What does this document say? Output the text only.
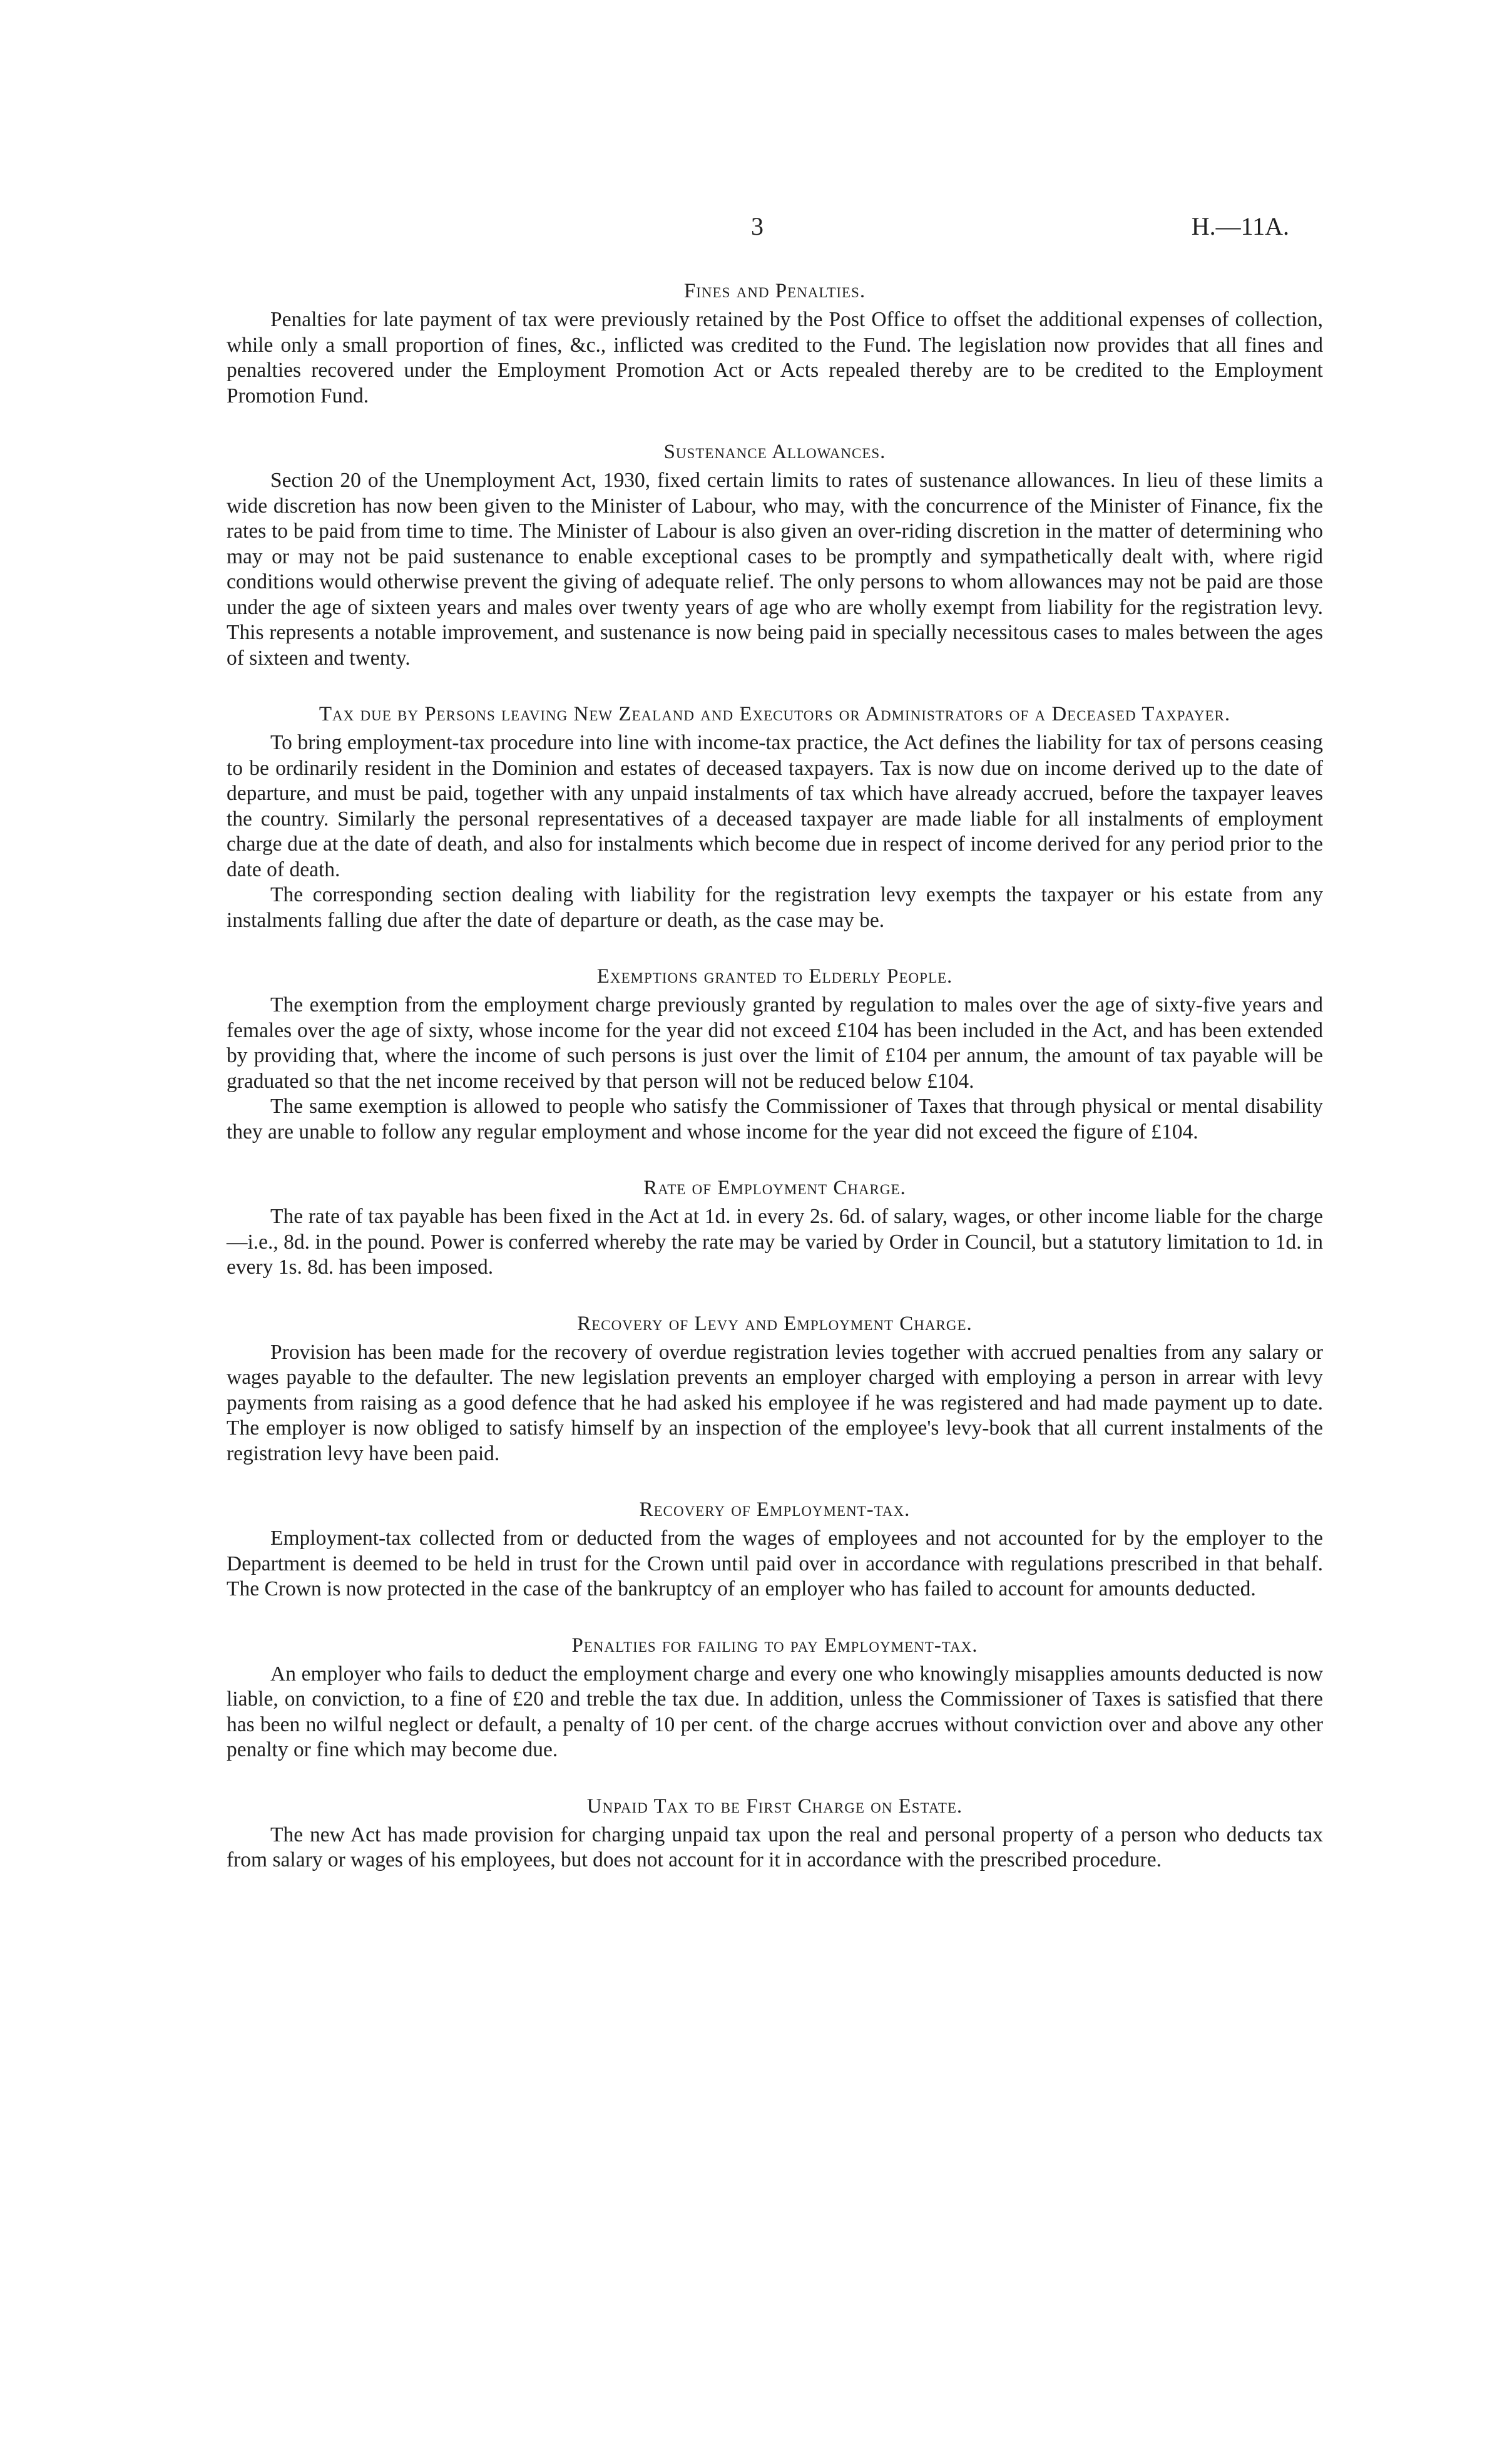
3	H.—11A.
Fines and Penalties.

Penalties for late payment of tax were previously retained by the Post Office to offset the additional expenses of collection, while only a small proportion of fines, &c., inflicted was credited to the Fund. The legislation now provides that all fines and penalties recovered under the Employment Promotion Act or Acts repealed thereby are to be credited to the Employment Promotion Fund.

Sustenance Allowances.

Section 20 of the Unemployment Act, 1930, fixed certain limits to rates of sustenance allowances. In lieu of these limits a wide discretion has now been given to the Minister of Labour, who may, with the concurrence of the Minister of Finance, fix the rates to be paid from time to time. The Minister of Labour is also given an over-riding discretion in the matter of determining who may or may not be paid sustenance to enable exceptional cases to be promptly and sympathetically dealt with, where rigid conditions would otherwise prevent the giving of adequate relief. The only persons to whom allowances may not be paid are those under the age of sixteen years and males over twenty years of age who are wholly exempt from liability for the registration levy. This represents a notable improvement, and sustenance is now being paid in specially necessitous cases to males between the ages of sixteen and twenty.

Tax due by Persons leaving New Zealand and Executors or Administrators of a Deceased Taxpayer.

To bring employment-tax procedure into line with income-tax practice, the Act defines the liability for tax of persons ceasing to be ordinarily resident in the Dominion and estates of deceased taxpayers. Tax is now due on income derived up to the date of departure, and must be paid, together with any unpaid instalments of tax which have already accrued, before the taxpayer leaves the country. Similarly the personal representatives of a deceased taxpayer are made liable for all instalments of employment charge due at the date of death, and also for instalments which become due in respect of income derived for any period prior to the date of death.

The corresponding section dealing with liability for the registration levy exempts the taxpayer or his estate from any instalments falling due after the date of departure or death, as the case may be.

Exemptions granted to Elderly People.

The exemption from the employment charge previously granted by regulation to males over the age of sixty-five years and females over the age of sixty, whose income for the year did not exceed £104 has been included in the Act, and has been extended by providing that, where the income of such persons is just over the limit of £104 per annum, the amount of tax payable will be graduated so that the net income received by that person will not be reduced below £104.

The same exemption is allowed to people who satisfy the Commissioner of Taxes that through physical or mental disability they are unable to follow any regular employment and whose income for the year did not exceed the figure of £104.

Rate of Employment Charge.

The rate of tax payable has been fixed in the Act at 1d. in every 2s. 6d. of salary, wages, or other income liable for the charge—i.e., 8d. in the pound. Power is conferred whereby the rate may be varied by Order in Council, but a statutory limitation to 1d. in every 1s. 8d. has been imposed.

Recovery of Levy and Employment Charge.

Provision has been made for the recovery of overdue registration levies together with accrued penalties from any salary or wages payable to the defaulter. The new legislation prevents an employer charged with employing a person in arrear with levy payments from raising as a good defence that he had asked his employee if he was registered and had made payment up to date. The employer is now obliged to satisfy himself by an inspection of the employee's levy-book that all current instalments of the registration levy have been paid.

Recovery of Employment-tax.

Employment-tax collected from or deducted from the wages of employees and not accounted for by the employer to the Department is deemed to be held in trust for the Crown until paid over in accordance with regulations prescribed in that behalf. The Crown is now protected in the case of the bankruptcy of an employer who has failed to account for amounts deducted.

Penalties for failing to pay Employment-tax.

An employer who fails to deduct the employment charge and every one who knowingly misapplies amounts deducted is now liable, on conviction, to a fine of £20 and treble the tax due. In addition, unless the Commissioner of Taxes is satisfied that there has been no wilful neglect or default, a penalty of 10 per cent. of the charge accrues without conviction over and above any other penalty or fine which may become due.

Unpaid Tax to be First Charge on Estate.

The new Act has made provision for charging unpaid tax upon the real and personal property of a person who deducts tax from salary or wages of his employees, but does not account for it in accordance with the prescribed procedure.
